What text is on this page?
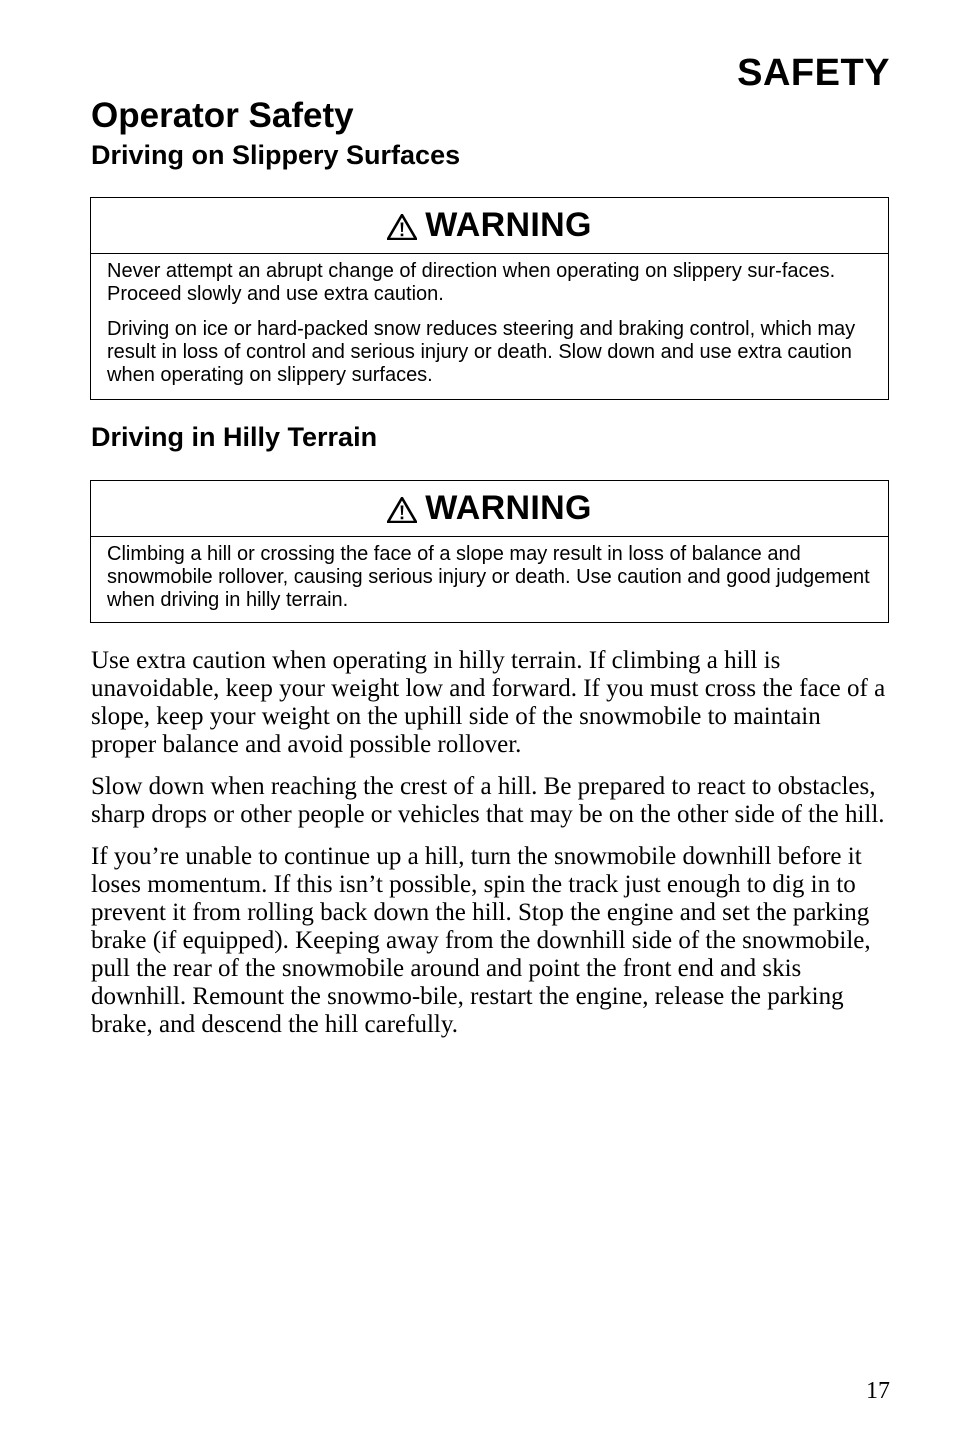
SAFETY
Operator Safety
Driving on Slippery Surfaces
WARNING

Never attempt an abrupt change of direction when operating on slippery sur-faces. Proceed slowly and use extra caution.

Driving on ice or hard-packed snow reduces steering and braking control, which may result in loss of control and serious injury or death. Slow down and use extra caution when operating on slippery surfaces.

Driving in Hilly Terrain
WARNING

Climbing a hill or crossing the face of a slope may result in loss of balance and snowmobile rollover, causing serious injury or death. Use caution and good judgement when driving in hilly terrain.

Use extra caution when operating in hilly terrain. If climbing a hill is unavoidable, keep your weight low and forward. If you must cross the face of a slope, keep your weight on the uphill side of the snowmobile to maintain proper balance and avoid possible rollover.

Slow down when reaching the crest of a hill. Be prepared to react to obstacles, sharp drops or other people or vehicles that may be on the other side of the hill.

If you’re unable to continue up a hill, turn the snowmobile downhill before it loses momentum. If this isn’t possible, spin the track just enough to dig in to prevent it from rolling back down the hill. Stop the engine and set the parking brake (if equipped). Keeping away from the downhill side of the snowmobile, pull the rear of the snowmobile around and point the front end and skis downhill. Remount the snowmo-bile, restart the engine, release the parking brake, and descend the hill carefully.

17
